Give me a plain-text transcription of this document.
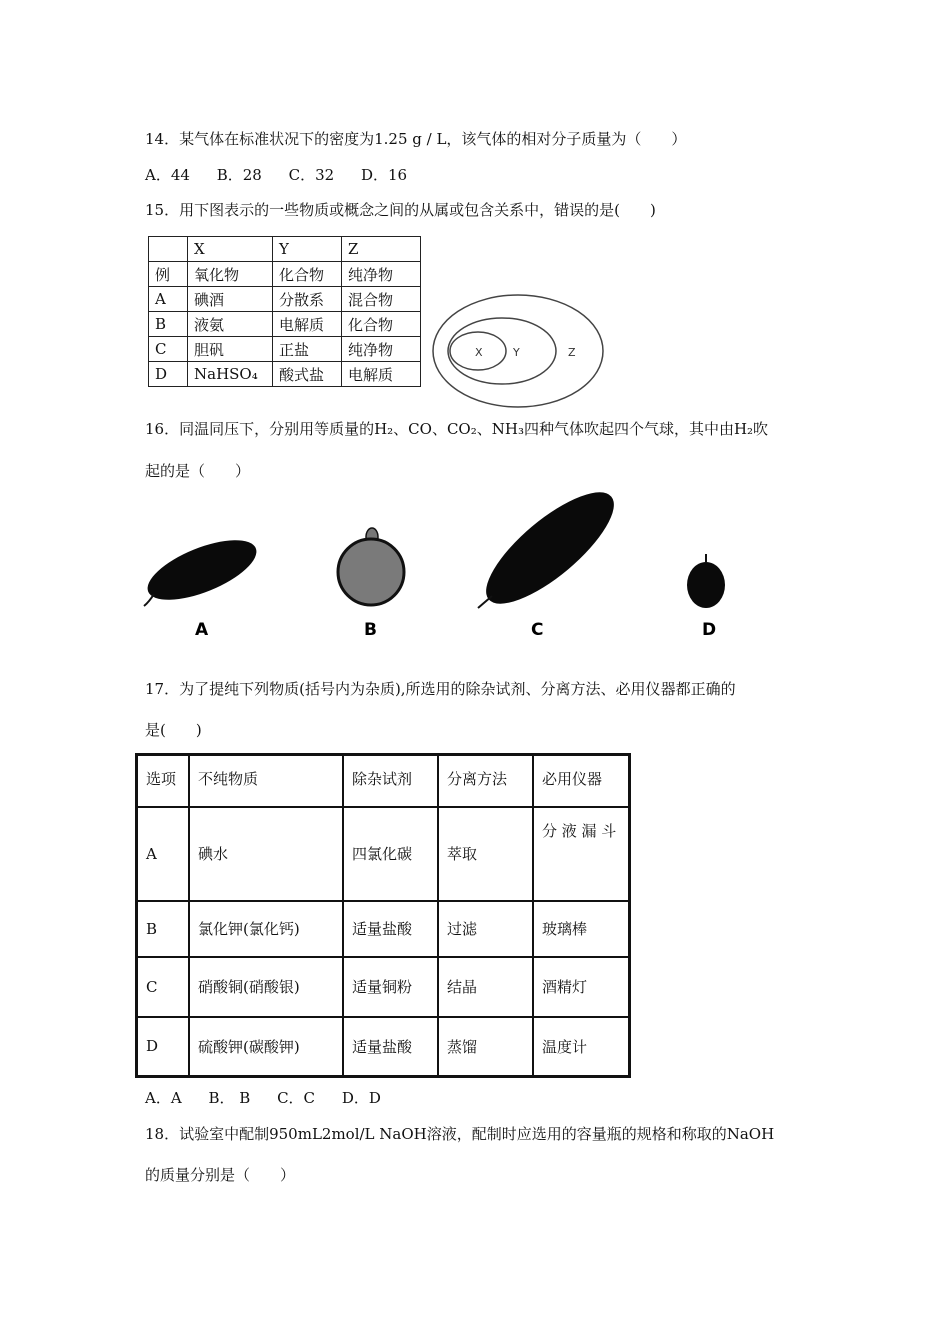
14．某气体在标准状况下的密度为1.25 g / L，该气体的相对分子质量为（　　）
A．44 B．28 C．32 D．16
15．用下图表示的一些物质或概念之间的从属或包含关系中，错误的是(　　)
	X	Y	Z
例	氧化物	化合物	纯净物
A	碘酒	分散系	混合物
B	液氨	电解质	化合物
C	胆矾	正盐	纯净物
D	NaHSO₄	酸式盐	电解质
X	Y	Z
16．同温同压下，分别用等质量的H₂、CO、CO₂、NH₃四种气体吹起四个气球，其中由H₂吹
起的是（　　）
A	B	C	D
17．为了提纯下列物质(括号内为杂质),所选用的除杂试剂、分离方法、必用仪器都正确的
是(　　)
选项	不纯物质	除杂试剂	分离方法	必用仪器
A	碘水	四氯化碳	萃取	分 液 漏 斗
B	氯化钾(氯化钙)	适量盐酸	过滤	玻璃棒
C	硝酸铜(硝酸银)	适量铜粉	结晶	酒精灯
D	硫酸钾(碳酸钾)	适量盐酸	蒸馏	温度计
A．A B． B C．C D．D
18．试验室中配制950mL2mol/L NaOH溶液，配制时应选用的容量瓶的规格和称取的NaOH
的质量分别是（　　）
